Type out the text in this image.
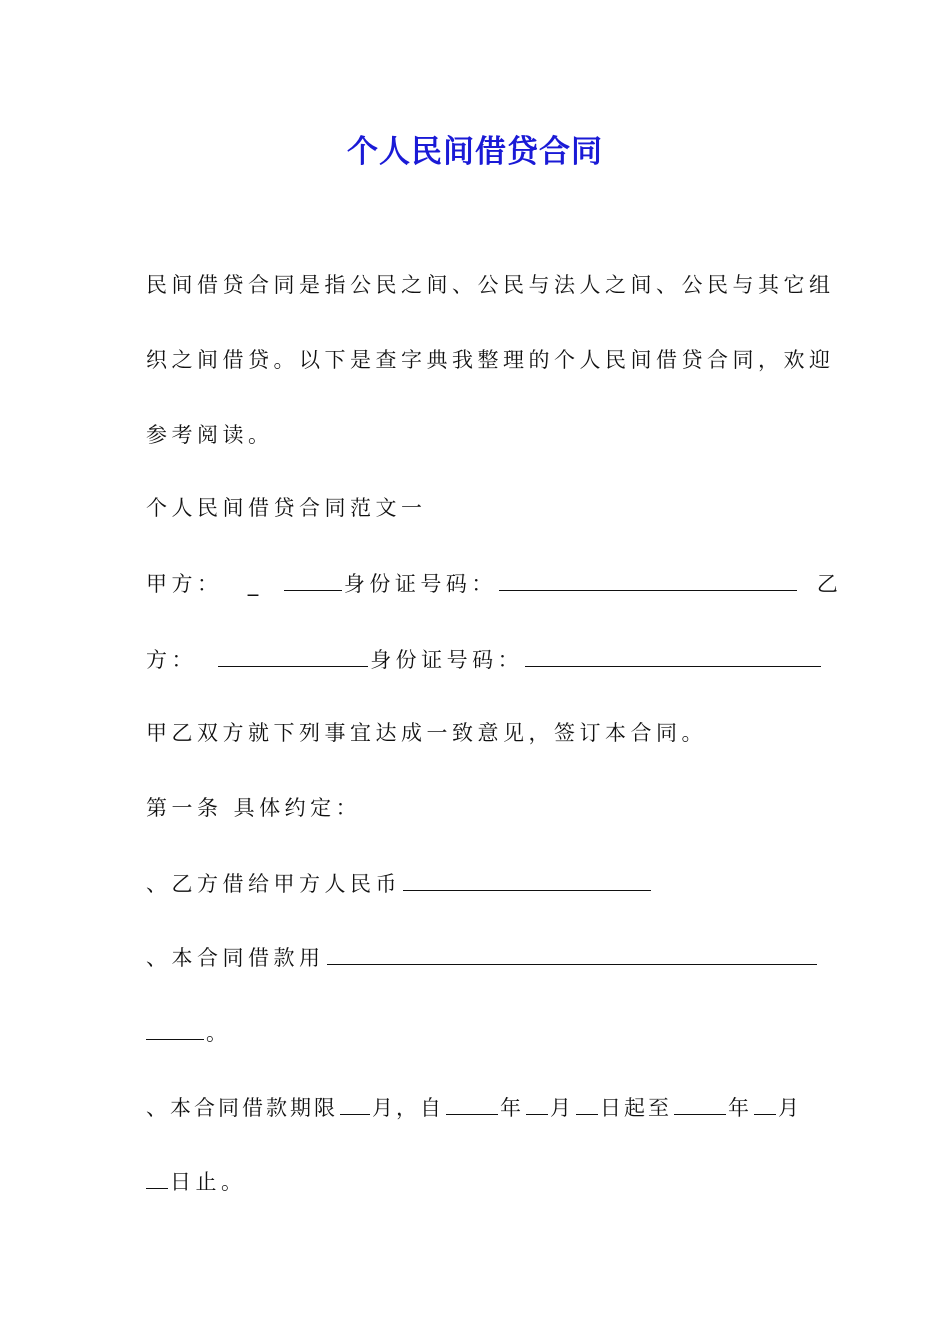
个人民间借贷合同
民间借贷合同是指公民之间、公民与法人之间、公民与其它组
织之间借贷。以下是查字典我整理的个人民间借贷合同，欢迎
参考阅读。
个人民间借贷合同范文一
甲方： _	身份证号码：	乙
方：	身份证号码：
甲乙双方就下列事宜达成一致意见，签订本合同。
第一条 具体约定：
、乙方借给甲方人民币
、本合同借款用
。
、本合同借款期限 月，自	年 月 日起至	年 月
日止。
